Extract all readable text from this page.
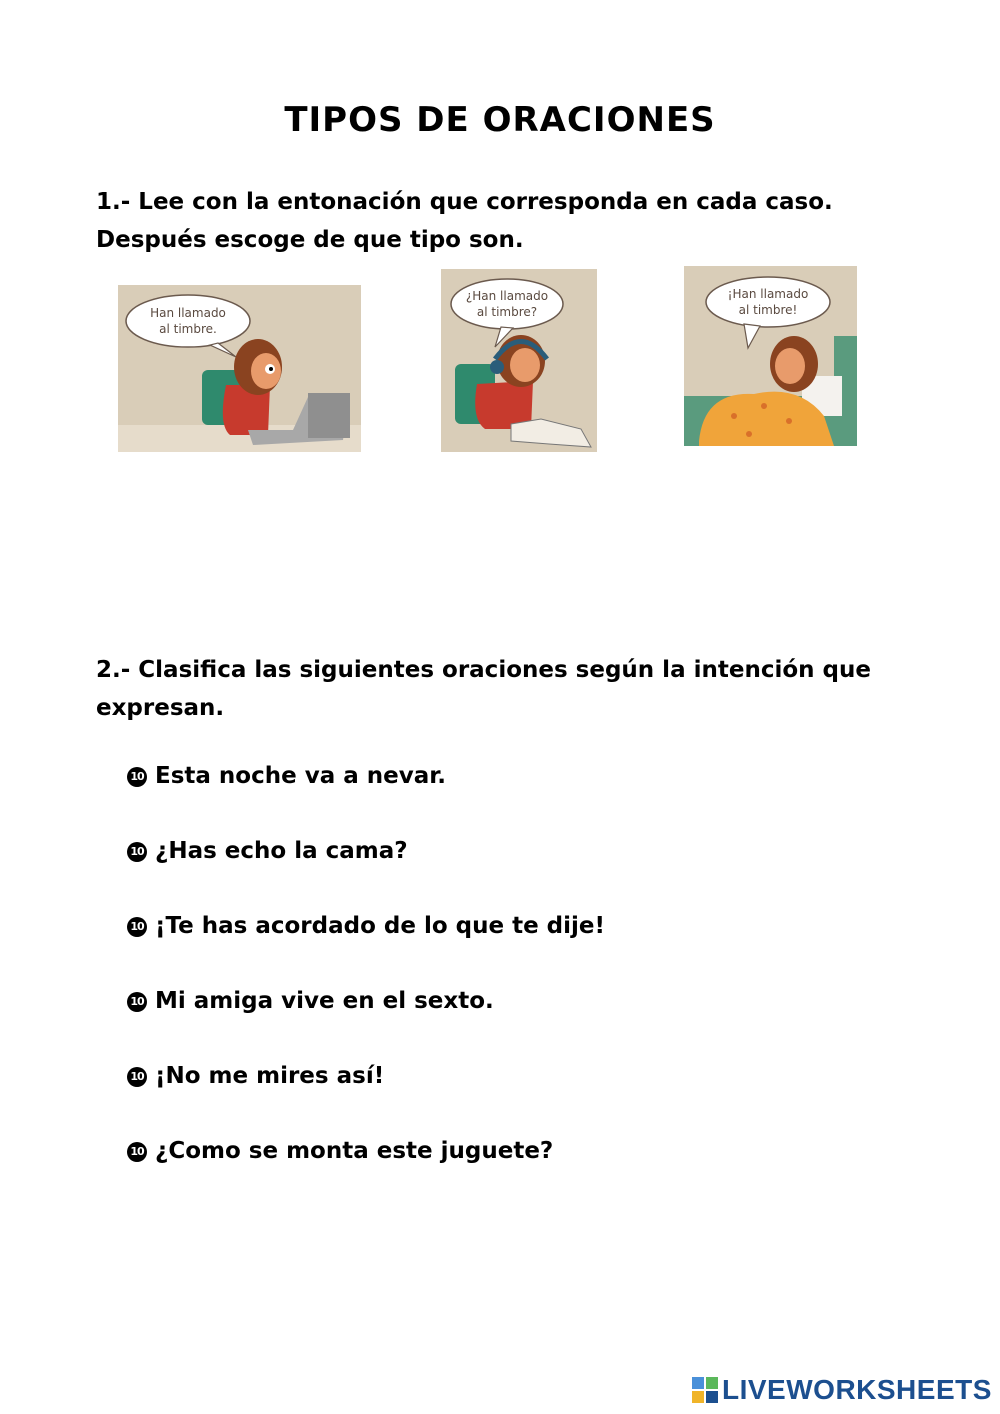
TIPOS DE ORACIONES
1.- Lee con la entonación que corresponda en cada caso.
Después escoge de que tipo son.
Han llamado
al timbre.
¿Han llamado
al timbre?
¡Han llamado
al timbre!
2.- Clasifica las siguientes oraciones según la intención que
expresan.
10 Esta noche va a nevar.
10 ¿Has echo la cama?
10 ¡Te has acordado de lo que te dije!
10 Mi amiga vive en el sexto.
10 ¡No me mires así!
10 ¿Como se monta este juguete?
LIVEWORKSHEETS
